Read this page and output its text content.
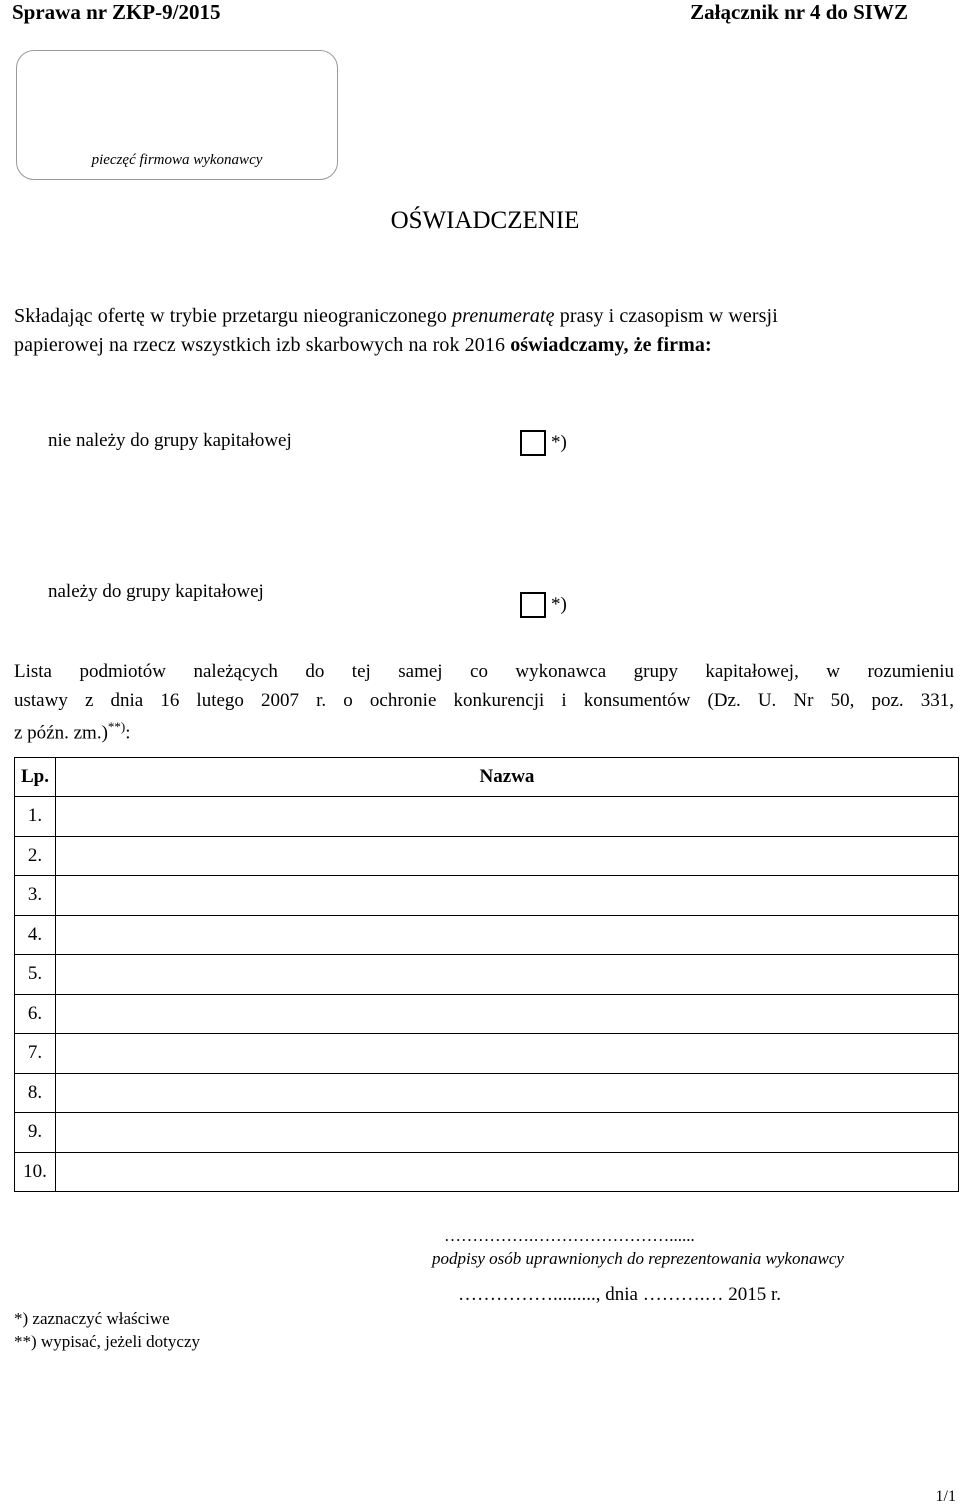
Sprawa nr ZKP-9/2015	Załącznik nr 4 do SIWZ
pieczęć firmowa wykonawcy
OŚWIADCZENIE
Składając ofertę w trybie przetargu nieograniczonego prenumeratę prasy i czasopism w wersji
papierowej na rzecz wszystkich izb skarbowych na rok 2016 oświadczamy, że firma:
nie należy do grupy kapitałowej	*)
należy do grupy kapitałowej
*)
Lista podmiotów należących do tej samej co wykonawca grupy kapitałowej, w rozumieniu
ustawy z dnia 16 lutego 2007 r. o ochronie konkurencji i konsumentów (Dz. U. Nr 50, poz. 331,
z późn. zm.)**):
Lp.	Nazwa
1.	
2.	
3.	
4.	
5.	
6.	
7.	
8.	
9.	
10.	
…………….……………………......
podpisy osób uprawnionych do reprezentowania wykonawcy
……………........., dnia ……….… 2015 r.
*) zaznaczyć właściwe
**) wypisać, jeżeli dotyczy
1/1
